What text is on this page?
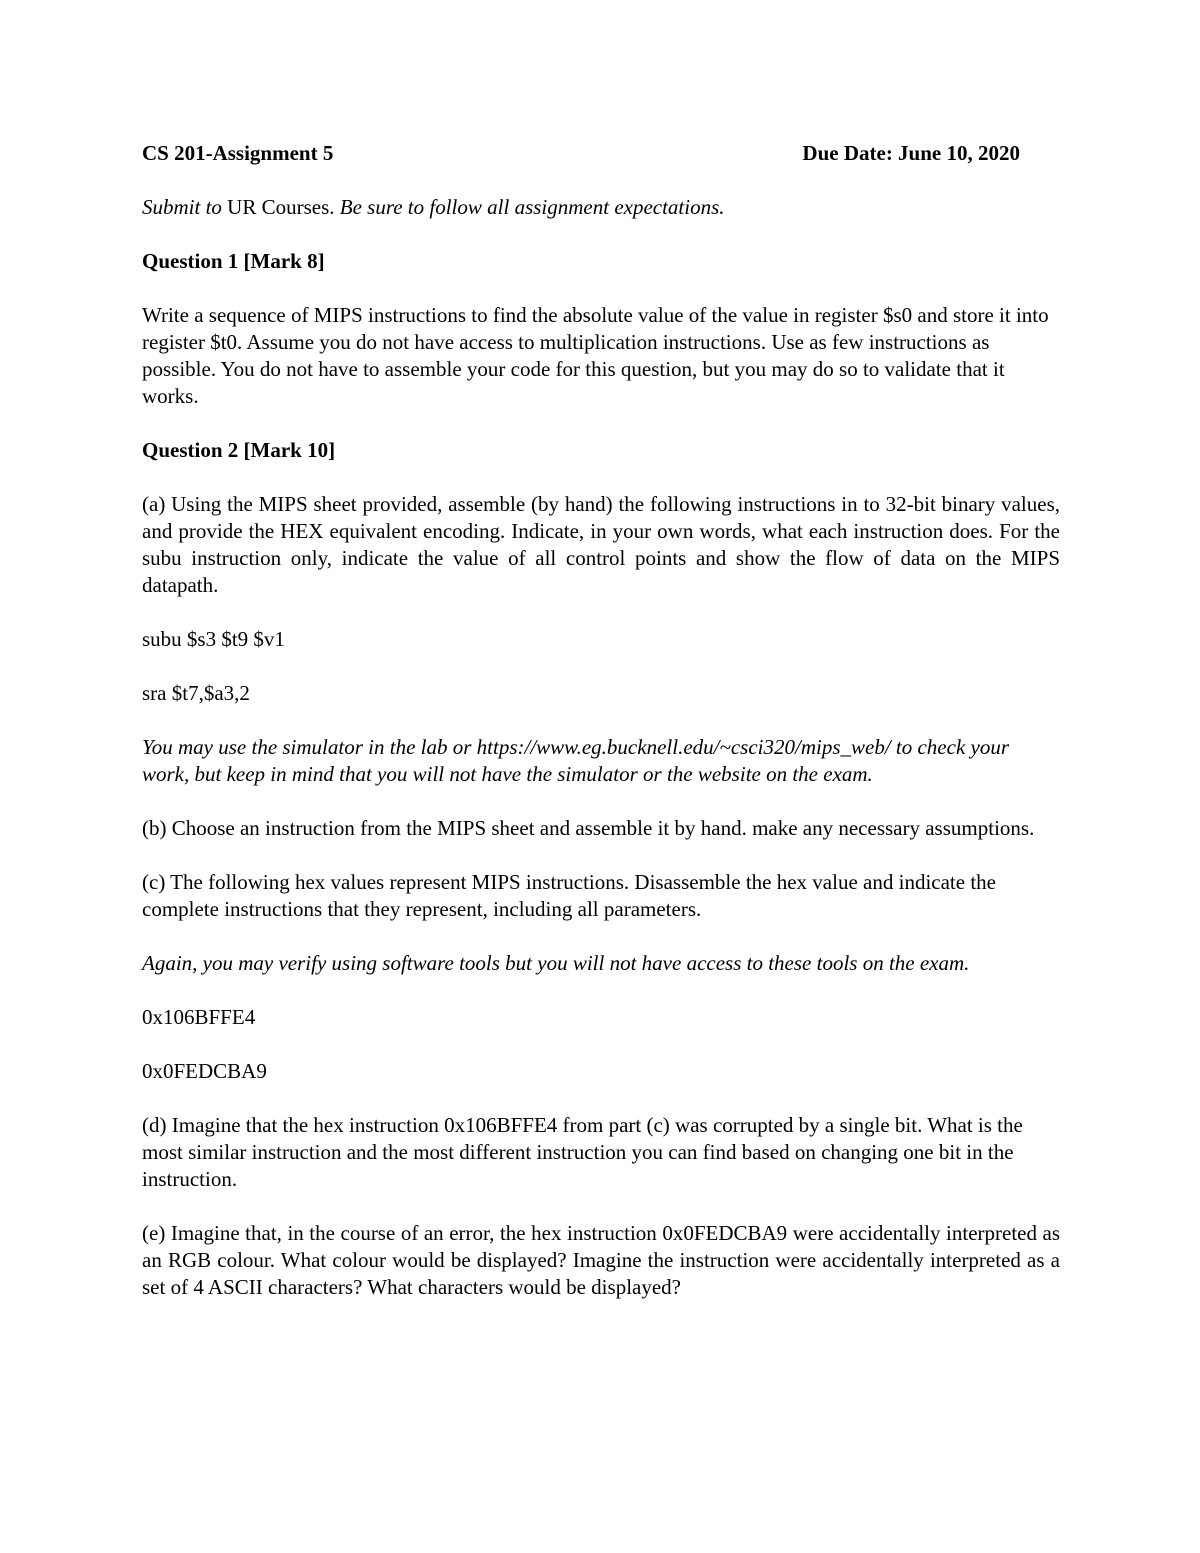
CS 201-Assignment 5	Due Date: June 10, 2020

Submit to UR Courses. Be sure to follow all assignment expectations.

Question 1 [Mark 8]

Write a sequence of MIPS instructions to find the absolute value of the value in register $s0 and store it into register $t0. Assume you do not have access to multiplication instructions. Use as few instructions as possible. You do not have to assemble your code for this question, but you may do so to validate that it works.

Question 2 [Mark 10]

(a) Using the MIPS sheet provided, assemble (by hand) the following instructions in to 32-bit binary values, and provide the HEX equivalent encoding. Indicate, in your own words, what each instruction does. For the subu instruction only, indicate the value of all control points and show the flow of data on the MIPS datapath.

subu $s3 $t9 $v1

sra $t7,$a3,2

You may use the simulator in the lab or https://www.eg.bucknell.edu/~csci320/mips_web/ to check your work, but keep in mind that you will not have the simulator or the website on the exam.

(b) Choose an instruction from the MIPS sheet and assemble it by hand. make any necessary assumptions.

(c) The following hex values represent MIPS instructions. Disassemble the hex value and indicate the complete instructions that they represent, including all parameters.

Again, you may verify using software tools but you will not have access to these tools on the exam.

0x106BFFE4

0x0FEDCBA9

(d) Imagine that the hex instruction 0x106BFFE4 from part (c) was corrupted by a single bit. What is the most similar instruction and the most different instruction you can find based on changing one bit in the instruction.

(e) Imagine that, in the course of an error, the hex instruction 0x0FEDCBA9 were accidentally interpreted as an RGB colour. What colour would be displayed? Imagine the instruction were accidentally interpreted as a set of 4 ASCII characters? What characters would be displayed?
